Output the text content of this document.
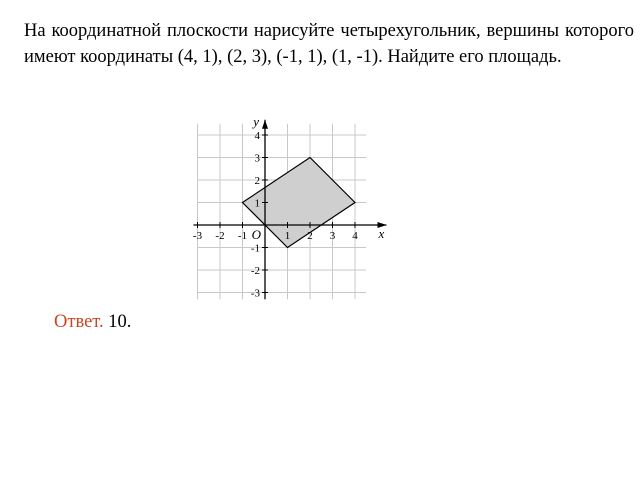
На координатной плоскости нарисуйте четырехугольник, вершины которого имеют координаты (4, 1), (2, 3), (-1, 1), (1, -1). Найдите его площадь.

-3 -2 -1	1 2 3 4
4
3
2
1
-1
-2
-3
x
y
O
Ответ. 10.
